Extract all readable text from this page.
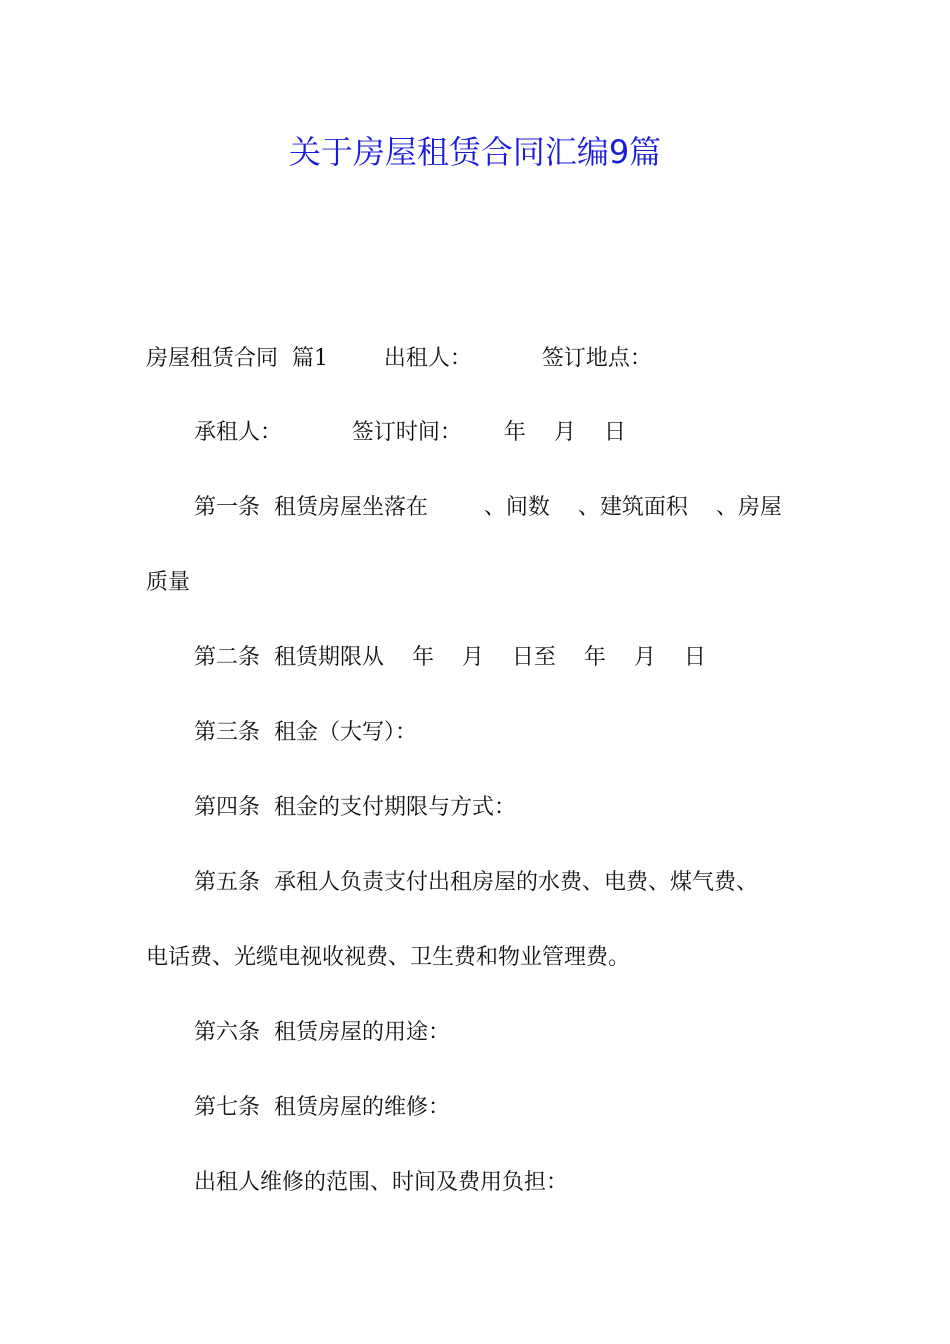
关于房屋租赁合同汇编9篇
房屋租赁合同  篇1        出租人：          签订地点：
承租人：          签订时间：      年    月    日
第一条  租赁房屋坐落在        、间数    、建筑面积    、房屋
质量
第二条  租赁期限从    年    月    日至    年    月    日
第三条  租金（大写）：
第四条  租金的支付期限与方式：
第五条  承租人负责支付出租房屋的水费、电费、煤气费、
电话费、光缆电视收视费、卫生费和物业管理费。
第六条  租赁房屋的用途：
第七条  租赁房屋的维修：
出租人维修的范围、时间及费用负担：
